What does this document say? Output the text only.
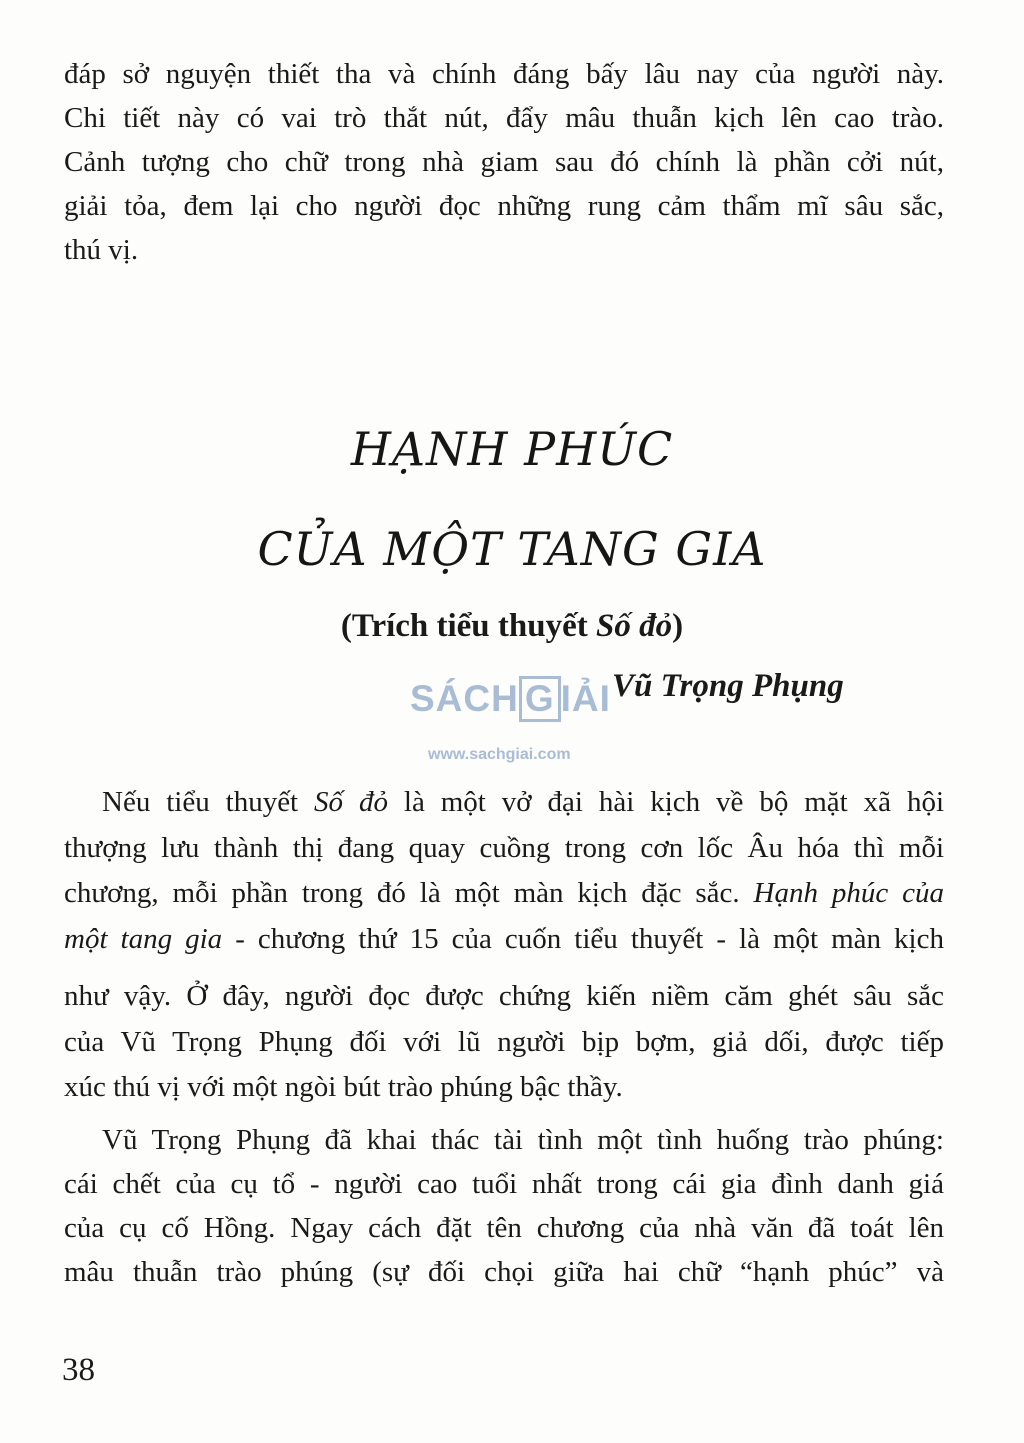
đáp sở nguyện thiết tha và chính đáng bấy lâu nay của người này.
Chi tiết này có vai trò thắt nút, đẩy mâu thuẫn kịch lên cao trào.
Cảnh tượng cho chữ trong nhà giam sau đó chính là phần cởi nút,
giải tỏa, đem lại cho người đọc những rung cảm thẩm mĩ sâu sắc,
thú vị.
HẠNH PHÚC
CỦA MỘT TANG GIA
(Trích tiểu thuyết Số đỏ)
SÁCH G IẢI
www.sachgiai.com
Vũ Trọng Phụng
Nếu tiểu thuyết Số đỏ là một vở đại hài kịch về bộ mặt xã hội
thượng lưu thành thị đang quay cuồng trong cơn lốc Âu hóa thì mỗi
chương, mỗi phần trong đó là một màn kịch đặc sắc. Hạnh phúc của
một tang gia - chương thứ 15 của cuốn tiểu thuyết - là một màn kịch
như vậy. Ở đây, người đọc được chứng kiến niềm căm ghét sâu sắc
của Vũ Trọng Phụng đối với lũ người bịp bợm, giả dối, được tiếp
xúc thú vị với một ngòi bút trào phúng bậc thầy.
Vũ Trọng Phụng đã khai thác tài tình một tình huống trào phúng:
cái chết của cụ tổ - người cao tuổi nhất trong cái gia đình danh giá
của cụ cố Hồng. Ngay cách đặt tên chương của nhà văn đã toát lên
mâu thuẫn trào phúng (sự đối chọi giữa hai chữ “hạnh phúc” và
38
